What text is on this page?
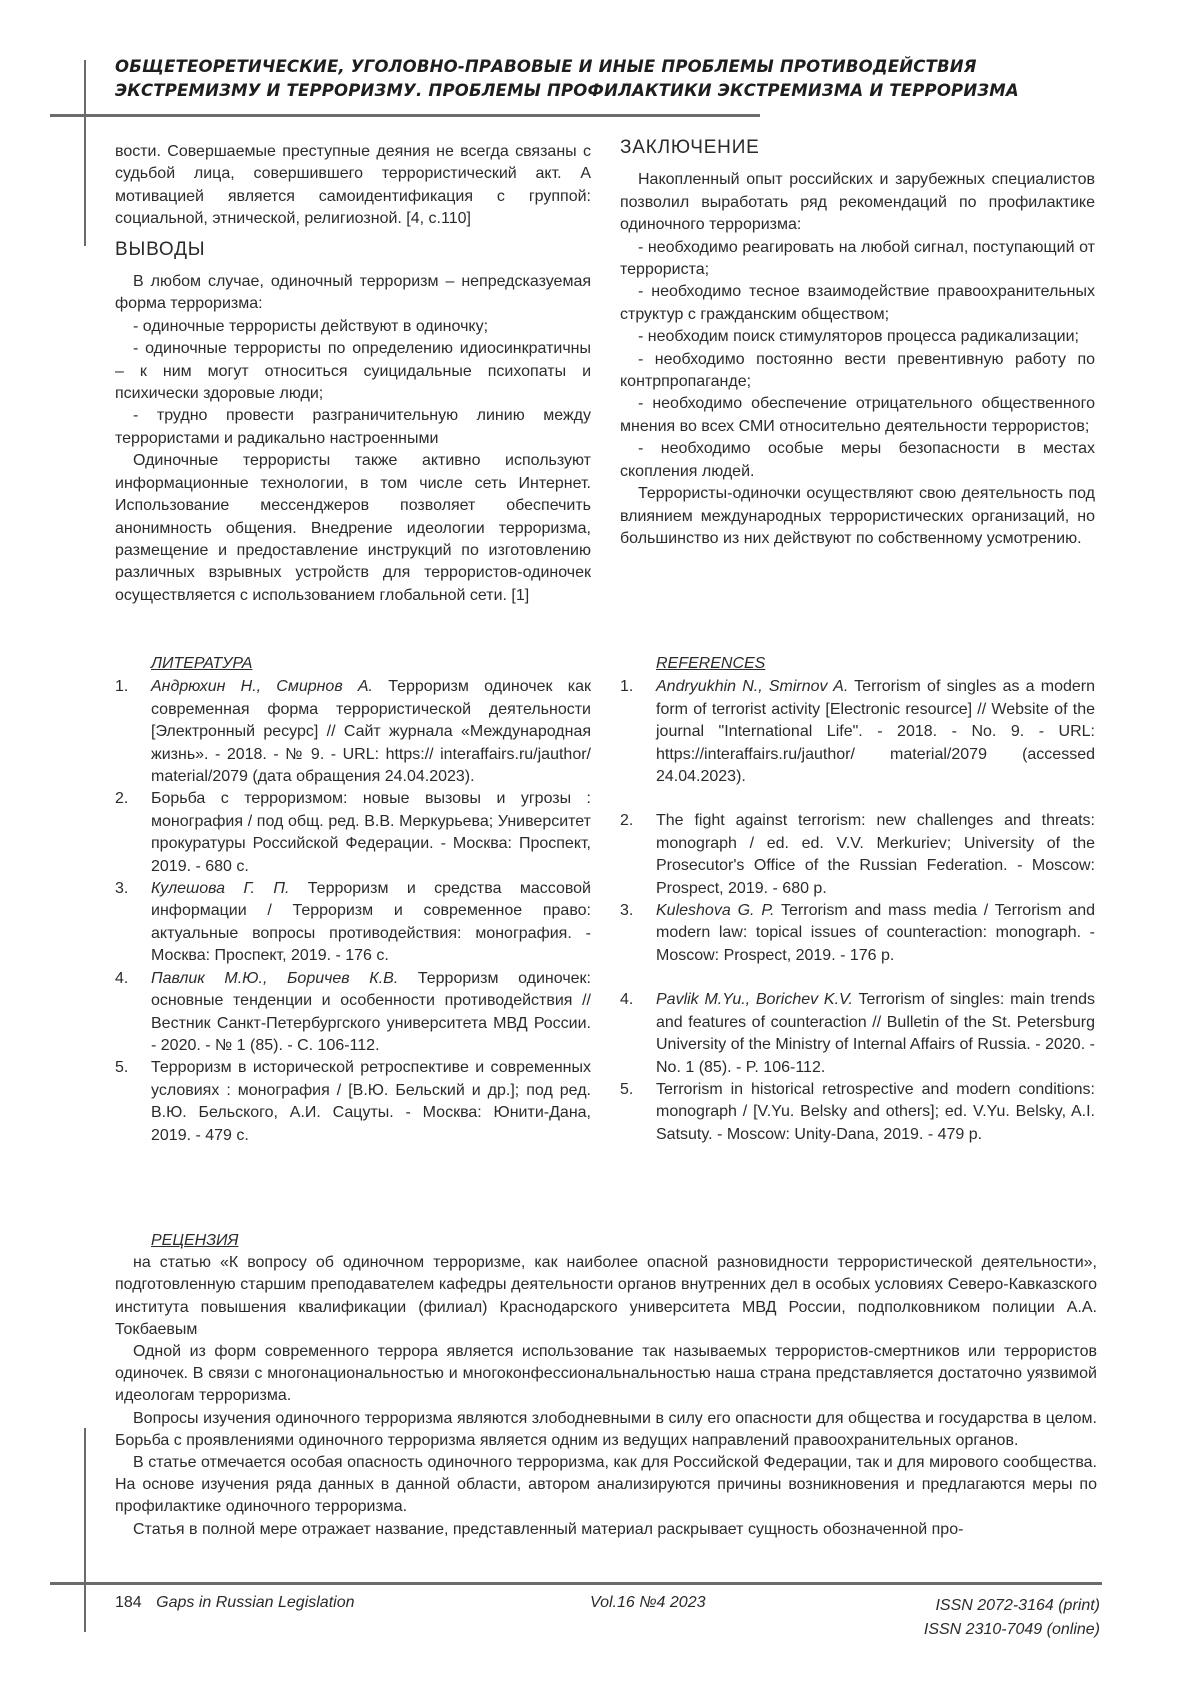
ОБЩЕТЕОРЕТИЧЕСКИЕ, УГОЛОВНО-ПРАВОВЫЕ И ИНЫЕ ПРОБЛЕМЫ ПРОТИВОДЕЙСТВИЯ
ЭКСТРЕМИЗМУ И ТЕРРОРИЗМУ. ПРОБЛЕМЫ ПРОФИЛАКТИКИ ЭКСТРЕМИЗМА И ТЕРРОРИЗМА

вости. Совершаемые преступные деяния не всегда связаны с судьбой лица, совершившего террористический акт. А мотивацией является самоидентификация с группой: социальной, этнической, религиозной. [4, с.110]

ВЫВОДЫ

В любом случае, одиночный терроризм – непредсказуемая форма терроризма:

- одиночные террористы действуют в одиночку;

- одиночные террористы по определению идиосинкратичны – к ним могут относиться суицидальные психопаты и психически здоровые люди;

- трудно провести разграничительную линию между террористами и радикально настроенными

Одиночные террористы также активно используют информационные технологии, в том числе сеть Интернет. Использование мессенджеров позволяет обеспечить анонимность общения. Внедрение идеологии терроризма, размещение и предоставление инструкций по изготовлению различных взрывных устройств для террористов-одиночек осуществляется с использованием глобальной сети. [1]

ЗАКЛЮЧЕНИЕ

Накопленный опыт российских и зарубежных специалистов позволил выработать ряд рекомендаций по профилактике одиночного терроризма:

- необходимо реагировать на любой сигнал, поступающий от террориста;

- необходимо тесное взаимодействие правоохранительных структур с гражданским обществом;

- необходим поиск стимуляторов процесса радикализации;

- необходимо постоянно вести превентивную работу по контрпропаганде;

- необходимо обеспечение отрицательного общественного мнения во всех СМИ относительно деятельности террористов;

- необходимо особые меры безопасности в местах скопления людей.

Террористы-одиночки осуществляют свою деятельность под влиянием международных террористических организаций, но большинство из них действуют по собственному усмотрению.

ЛИТЕРАТУРА
1.	Андрюхин Н., Смирнов А. Терроризм одиночек как современная форма террористической деятельности [Электронный ресурс] // Сайт журнала «Международная жизнь». - 2018. - № 9. - URL: https:// interaffairs.ru/jauthor/ material/2079 (дата обращения 24.04.2023).
2.	Борьба с терроризмом: новые вызовы и угрозы : монография / под общ. ред. В.В. Меркурьева; Университет прокуратуры Российской Федерации. - Москва: Проспект, 2019. - 680 с.
3.	Кулешова Г. П. Терроризм и средства массовой информации / Терроризм и современное право: актуальные вопросы противодействия: монография. - Москва: Проспект, 2019. - 176 с.
4.	Павлик М.Ю., Боричев К.В. Терроризм одиночек: основные тенденции и особенности противодействия // Вестник Санкт-Петербургского университета МВД России. - 2020. - № 1 (85). - С. 106-112.
5.	Терроризм в исторической ретроспективе и современных условиях : монография / [В.Ю. Бельский и др.]; под ред. В.Ю. Бельского, А.И. Сацуты. - Москва: Юнити-Дана, 2019. - 479 с.
REFERENCES
1.	Andryukhin N., Smirnov A. Terrorism of singles as a modern form of terrorist activity [Electronic resource] // Website of the journal "International Life". - 2018. - No. 9. - URL: https://interaffairs.ru/jauthor/ material/2079 (accessed 24.04.2023).
2.	The fight against terrorism: new challenges and threats: monograph / ed. ed. V.V. Merkuriev; University of the Prosecutor's Office of the Russian Federation. - Moscow: Prospect, 2019. - 680 p.
3.	Kuleshova G. P. Terrorism and mass media / Terrorism and modern law: topical issues of counteraction: monograph. - Moscow: Prospect, 2019. - 176 p.
4.	Pavlik M.Yu., Borichev K.V. Terrorism of singles: main trends and features of counteraction // Bulletin of the St. Petersburg University of the Ministry of Internal Affairs of Russia. - 2020. - No. 1 (85). - P. 106-112.
5.	Terrorism in historical retrospective and modern conditions: monograph / [V.Yu. Belsky and others]; ed. V.Yu. Belsky, A.I. Satsuty. - Moscow: Unity-Dana, 2019. - 479 p.
РЕЦЕНЗИЯ

на статью «К вопросу об одиночном терроризме, как наиболее опасной разновидности террористической деятельности», подготовленную старшим преподавателем кафедры деятельности органов внутренних дел в особых условиях Северо-Кавказского института повышения квалификации (филиал) Краснодарского университета МВД России, подполковником полиции А.А. Токбаевым

Одной из форм современного террора является использование так называемых террористов-смертников или террористов одиночек. В связи с многонациональностью и многоконфессиональнальностью наша страна представляется достаточно уязвимой идеологам терроризма.

Вопросы изучения одиночного терроризма являются злободневными в силу его опасности для общества и государства в целом. Борьба с проявлениями одиночного терроризма является одним из ведущих направлений правоохранительных органов.

В статье отмечается особая опасность одиночного терроризма, как для Российской Федерации, так и для мирового сообщества. На основе изучения ряда данных в данной области, автором анализируются причины возникновения и предлагаются меры по профилактике одиночного терроризма.

Статья в полной мере отражает название, представленный материал раскрывает сущность обозначенной про-

184 Gaps in Russian Legislation	Vol.16 №4 2023	ISSN 2072-3164 (print)
ISSN 2310-7049 (online)
